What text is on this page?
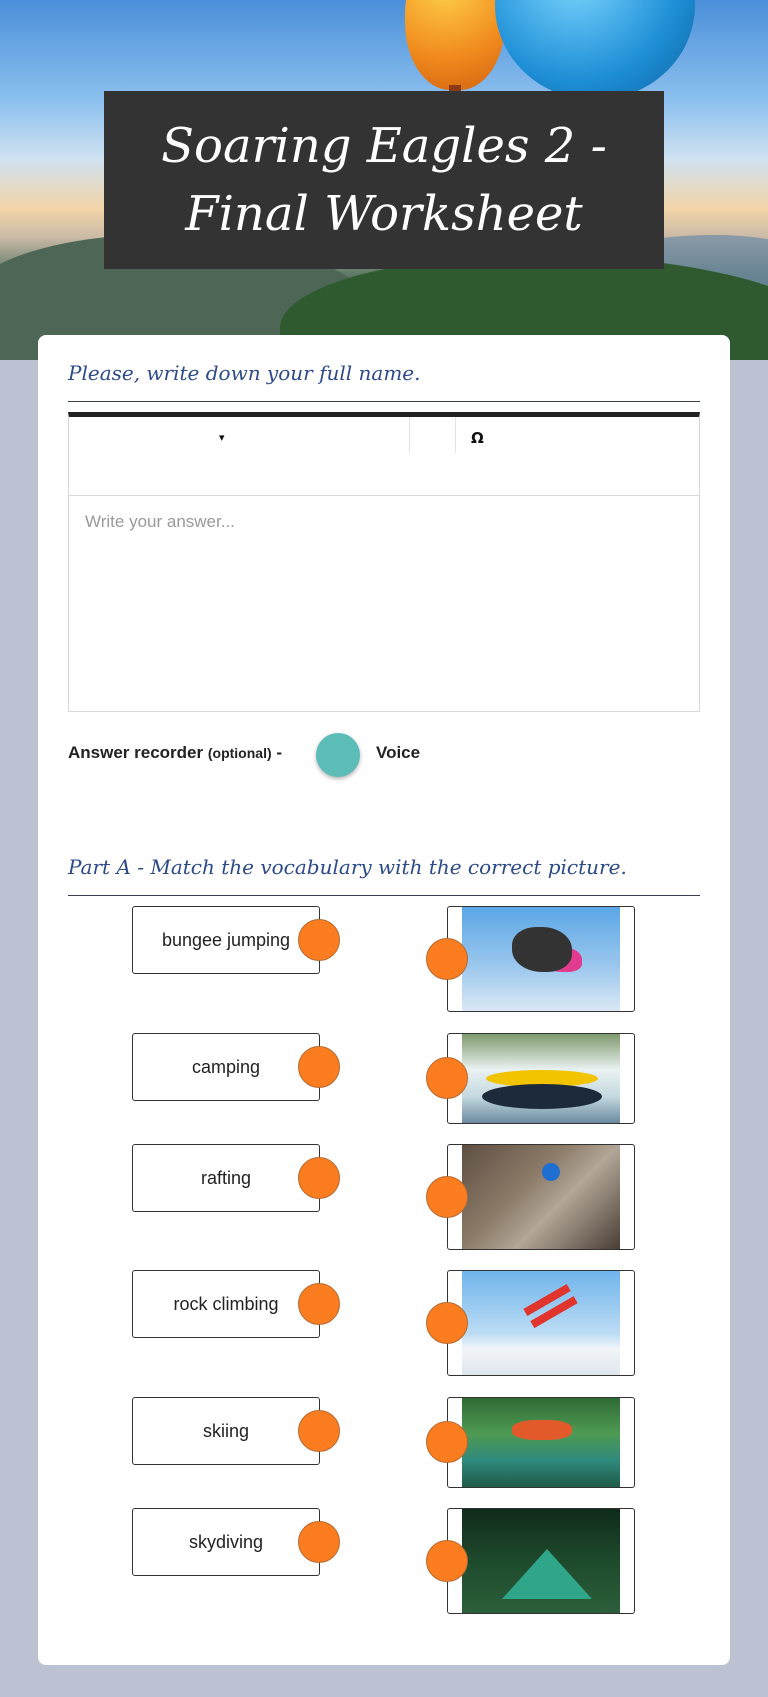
Soaring Eagles 2 - Final Worksheet
Please, write down your full name.
▾	Ω
Write your answer...
Answer recorder (optional) -	Voice
Part A - Match the vocabulary with the correct picture.
bungee jumping
camping
rafting
rock climbing
skiing
skydiving
